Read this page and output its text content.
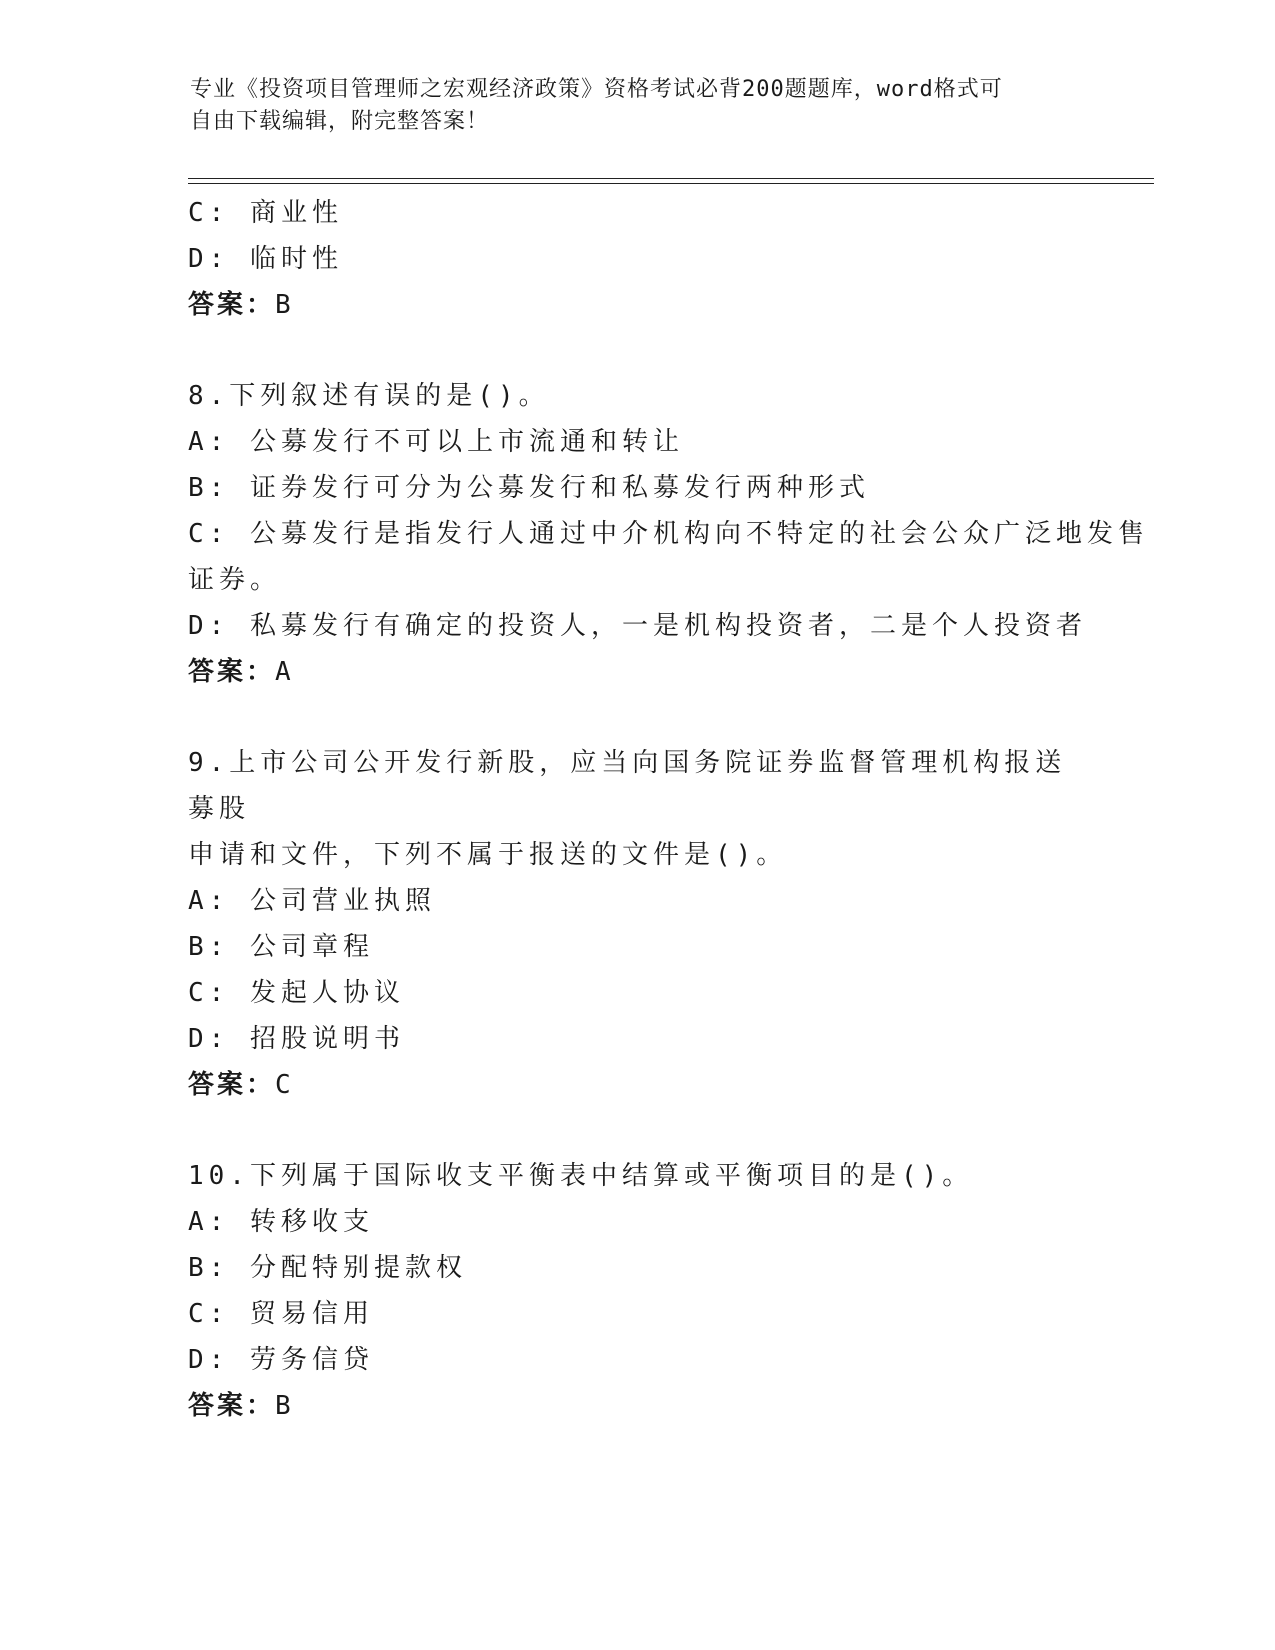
专业《投资项目管理师之宏观经济政策》资格考试必背200题题库，word格式可
自由下载编辑，附完整答案！
C: 商业性
D: 临时性
答案：B
8.下列叙述有误的是()。
A: 公募发行不可以上市流通和转让
B: 证券发行可分为公募发行和私募发行两种形式
C: 公募发行是指发行人通过中介机构向不特定的社会公众广泛地发售
证券。
D: 私募发行有确定的投资人，一是机构投资者，二是个人投资者
答案：A
9.上市公司公开发行新股，应当向国务院证券监督管理机构报送募股
申请和文件，下列不属于报送的文件是()。
A: 公司营业执照
B: 公司章程
C: 发起人协议
D: 招股说明书
答案：C
10.下列属于国际收支平衡表中结算或平衡项目的是()。
A: 转移收支
B: 分配特别提款权
C: 贸易信用
D: 劳务信贷
答案：B
